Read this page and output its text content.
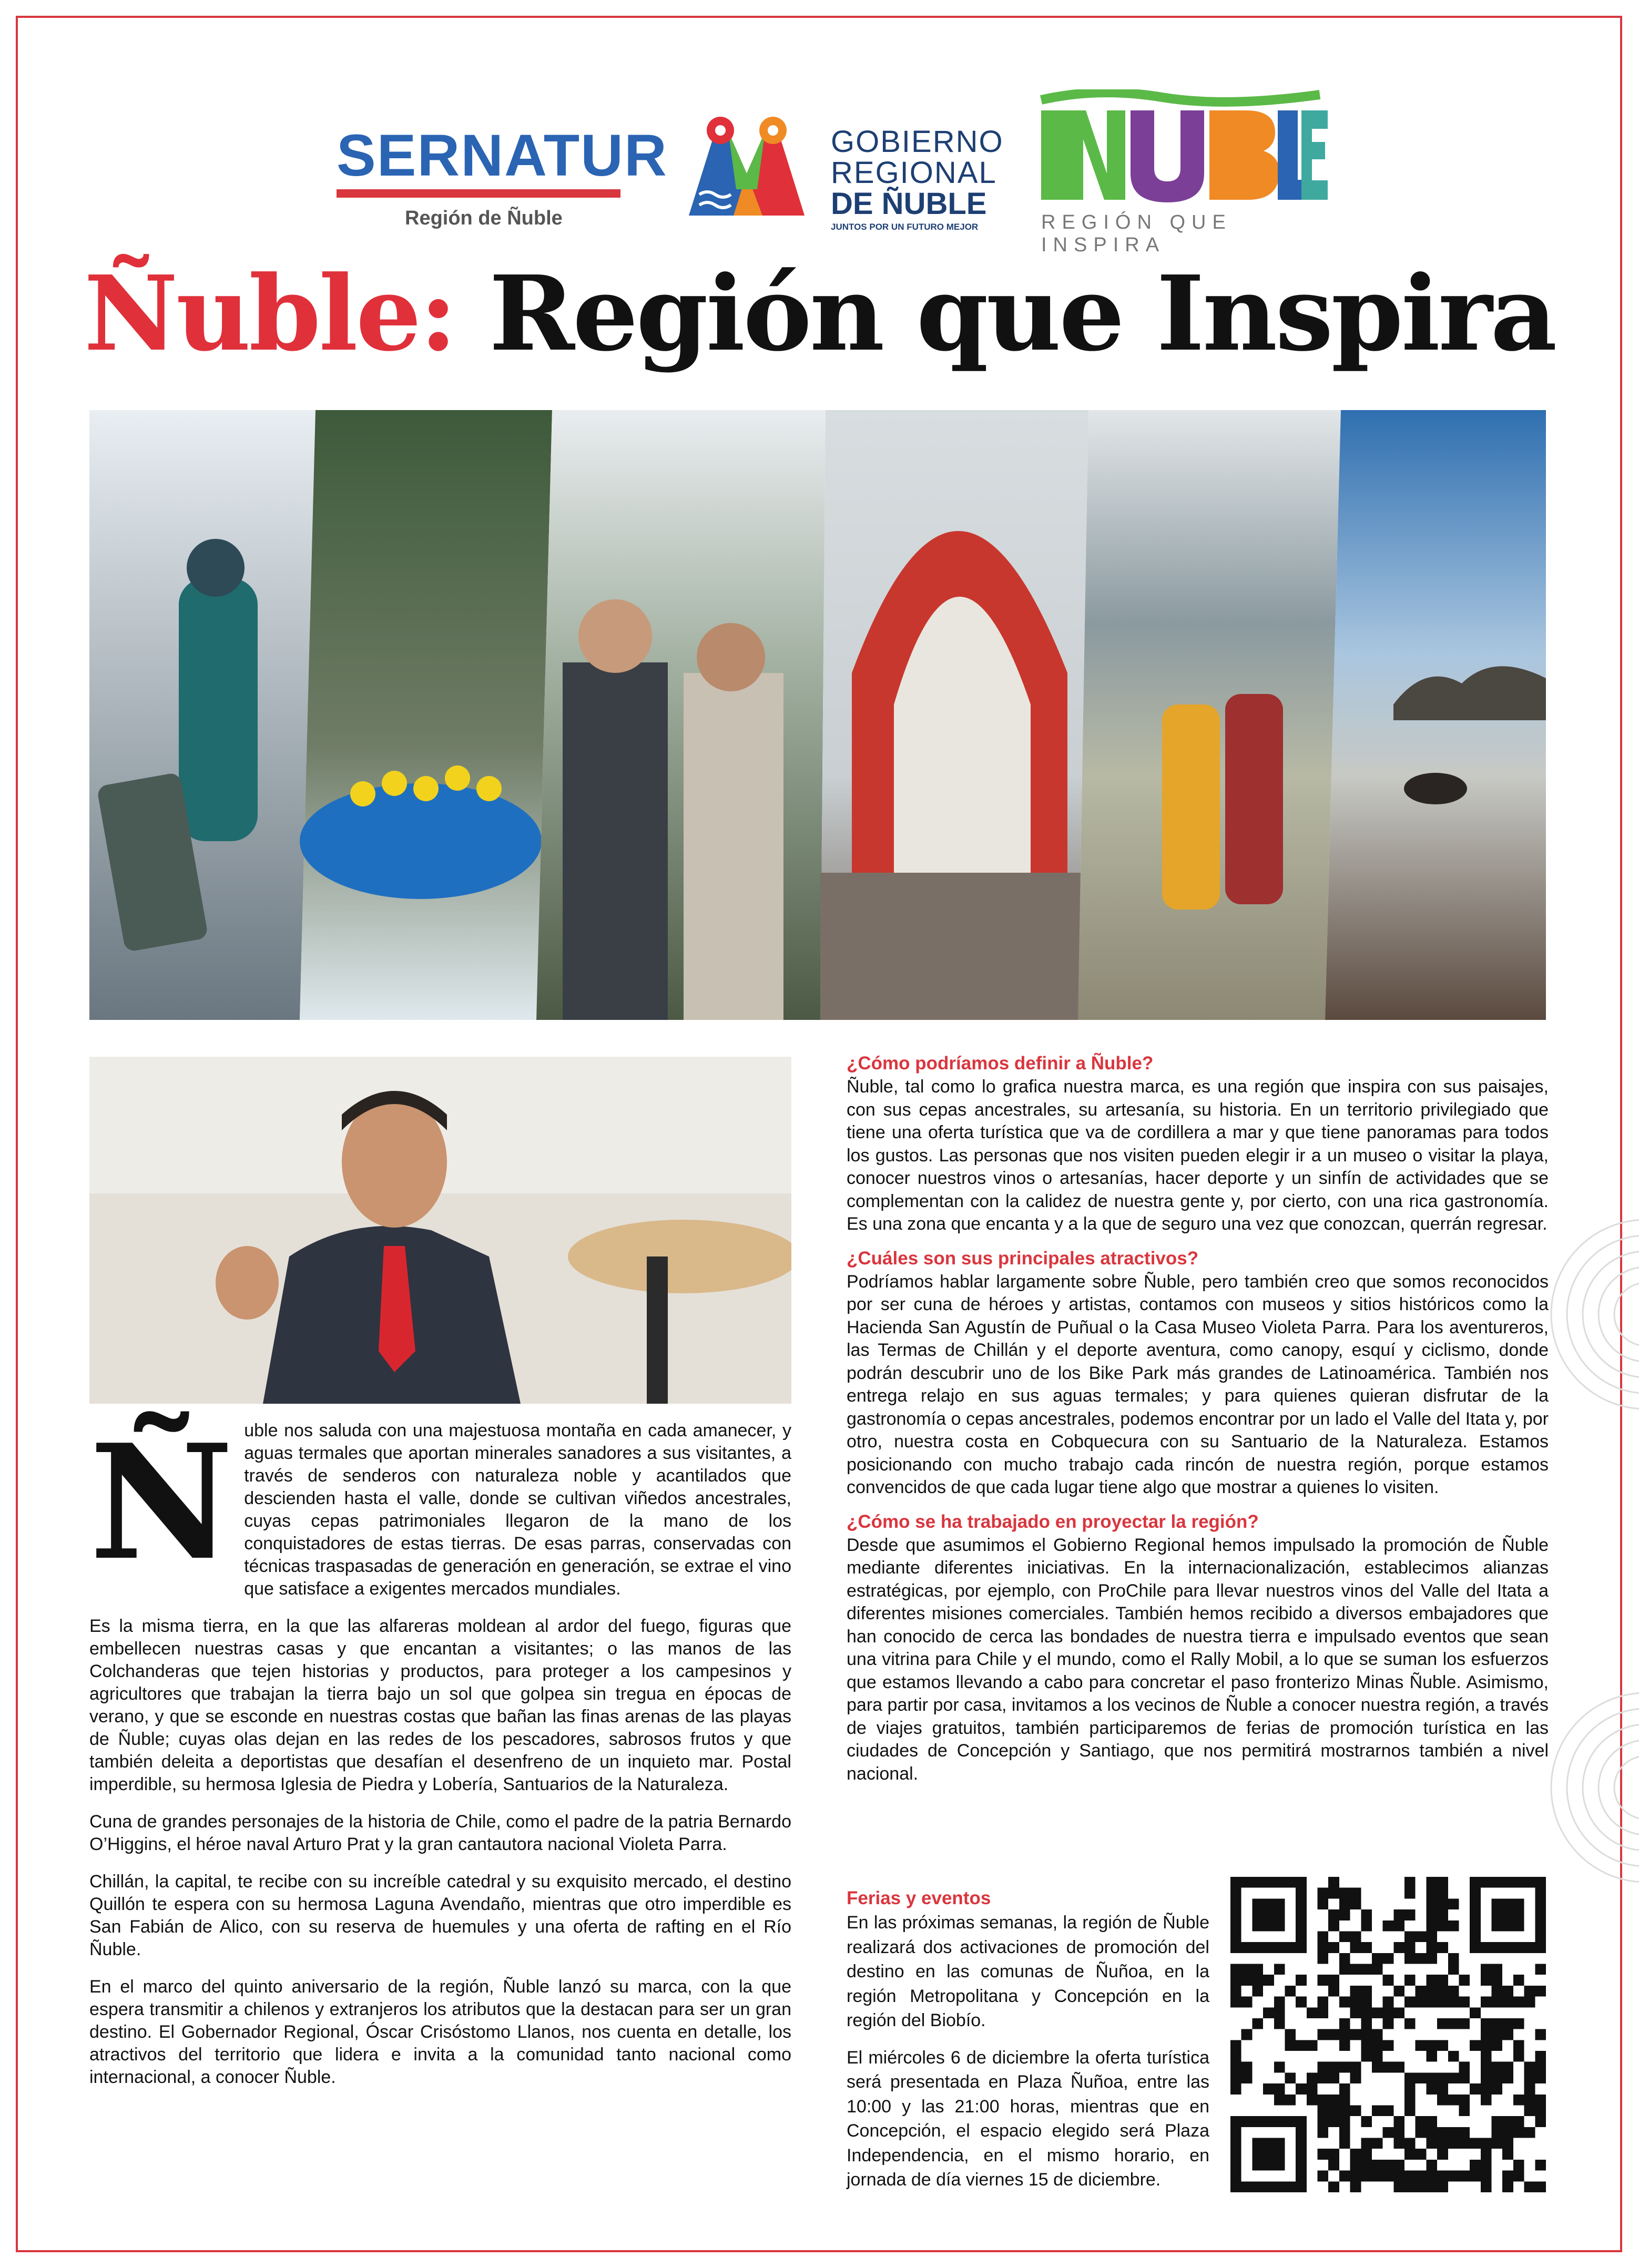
SERNATUR
Región de Ñuble
GOBIERNO
REGIONAL
DE ÑUBLE
JUNTOS POR UN FUTURO MEJOR	REGIÓN QUE INSPIRA
Ñuble: Región que Inspira

Ñuble nos saluda con una majestuosa montaña en cada amanecer, y aguas termales que aportan minerales sanadores a sus visitantes, a través de senderos con naturaleza noble y acantilados que descienden hasta el valle, donde se cultivan viñedos ancestrales, cuyas cepas patrimoniales llegaron de la mano de los conquistadores de estas tierras. De esas parras, conservadas con técnicas traspasadas de generación en generación, se extrae el vino que satisface a exigentes mercados mundiales.

Es la misma tierra, en la que las alfareras moldean al ardor del fuego, figuras que embellecen nuestras casas y que encantan a visitantes; o las manos de las Colchanderas que tejen historias y productos, para proteger a los campesinos y agricultores que trabajan la tierra bajo un sol que golpea sin tregua en épocas de verano, y que se esconde en nuestras costas que bañan las finas arenas de las playas de Ñuble; cuyas olas dejan en las redes de los pescadores, sabrosos frutos y que también deleita a deportistas que desafían el desenfreno de un inquieto mar. Postal imperdible, su hermosa Iglesia de Piedra y Lobería, Santuarios de la Naturaleza.

Cuna de grandes personajes de la historia de Chile, como el padre de la patria Bernardo O’Higgins, el héroe naval Arturo Prat y la gran cantautora nacional Violeta Parra.

Chillán, la capital, te recibe con su increíble catedral y su exquisito mercado, el destino Quillón te espera con su hermosa Laguna Avendaño, mientras que otro imperdible es San Fabián de Alico, con su reserva de huemules y una oferta de rafting en el Río Ñuble.

En el marco del quinto aniversario de la región, Ñuble lanzó su marca, con la que espera transmitir a chilenos y extranjeros los atributos que la destacan para ser un gran destino. El Gobernador Regional, Óscar Crisóstomo Llanos, nos cuenta en detalle, los atractivos del territorio que lidera e invita a la comunidad tanto nacional como internacional, a conocer Ñuble.

¿Cómo podríamos definir a Ñuble?

Ñuble, tal como lo grafica nuestra marca, es una región que inspira con sus paisajes, con sus cepas ancestrales, su artesanía, su historia. En un territorio privilegiado que tiene una oferta turística que va de cordillera a mar y que tiene panoramas para todos los gustos. Las personas que nos visiten pueden elegir ir a un museo o visitar la playa, conocer nuestros vinos o artesanías, hacer deporte y un sinfín de actividades que se complementan con la calidez de nuestra gente y, por cierto, con una rica gastronomía. Es una zona que encanta y a la que de seguro una vez que conozcan, querrán regresar.

¿Cuáles son sus principales atractivos?

Podríamos hablar largamente sobre Ñuble, pero también creo que somos reconocidos por ser cuna de héroes y artistas, contamos con museos y sitios históricos como la Hacienda San Agustín de Puñual o la Casa Museo Violeta Parra. Para los aventureros, las Termas de Chillán y el deporte aventura, como canopy, esquí y ciclismo, donde podrán descubrir uno de los Bike Park más grandes de Latinoamérica. También nos entrega relajo en sus aguas termales; y para quienes quieran disfrutar de la gastronomía o cepas ancestrales, podemos encontrar por un lado el Valle del Itata y, por otro, nuestra costa en Cobquecura con su Santuario de la Naturaleza. Estamos posicionando con mucho trabajo cada rincón de nuestra región, porque estamos convencidos de que cada lugar tiene algo que mostrar a quienes lo visiten.

¿Cómo se ha trabajado en proyectar la región?

Desde que asumimos el Gobierno Regional hemos impulsado la promoción de Ñuble mediante diferentes iniciativas. En la internacionalización, establecimos alianzas estratégicas, por ejemplo, con ProChile para llevar nuestros vinos del Valle del Itata a diferentes misiones comerciales. También hemos recibido a diversos embajadores que han conocido de cerca las bondades de nuestra tierra e impulsado eventos que sean una vitrina para Chile y el mundo, como el Rally Mobil, a lo que se suman los esfuerzos que estamos llevando a cabo para concretar el paso fronterizo Minas Ñuble. Asimismo, para partir por casa, invitamos a los vecinos de Ñuble a conocer nuestra región, a través de viajes gratuitos, también participaremos de ferias de promoción turística en las ciudades de Concepción y Santiago, que nos permitirá mostrarnos también a nivel nacional.

Ferias y eventos

En las próximas semanas, la región de Ñuble realizará dos activaciones de promoción del destino en las comunas de Ñuñoa, en la región Metropolitana y Concepción en la región del Biobío.

El miércoles 6 de diciembre la oferta turística será presentada en Plaza Ñuñoa, entre las 10:00 y las 21:00 horas, mientras que en Concepción, el espacio elegido será Plaza Independencia, en el mismo horario, en jornada de día viernes 15 de diciembre.
